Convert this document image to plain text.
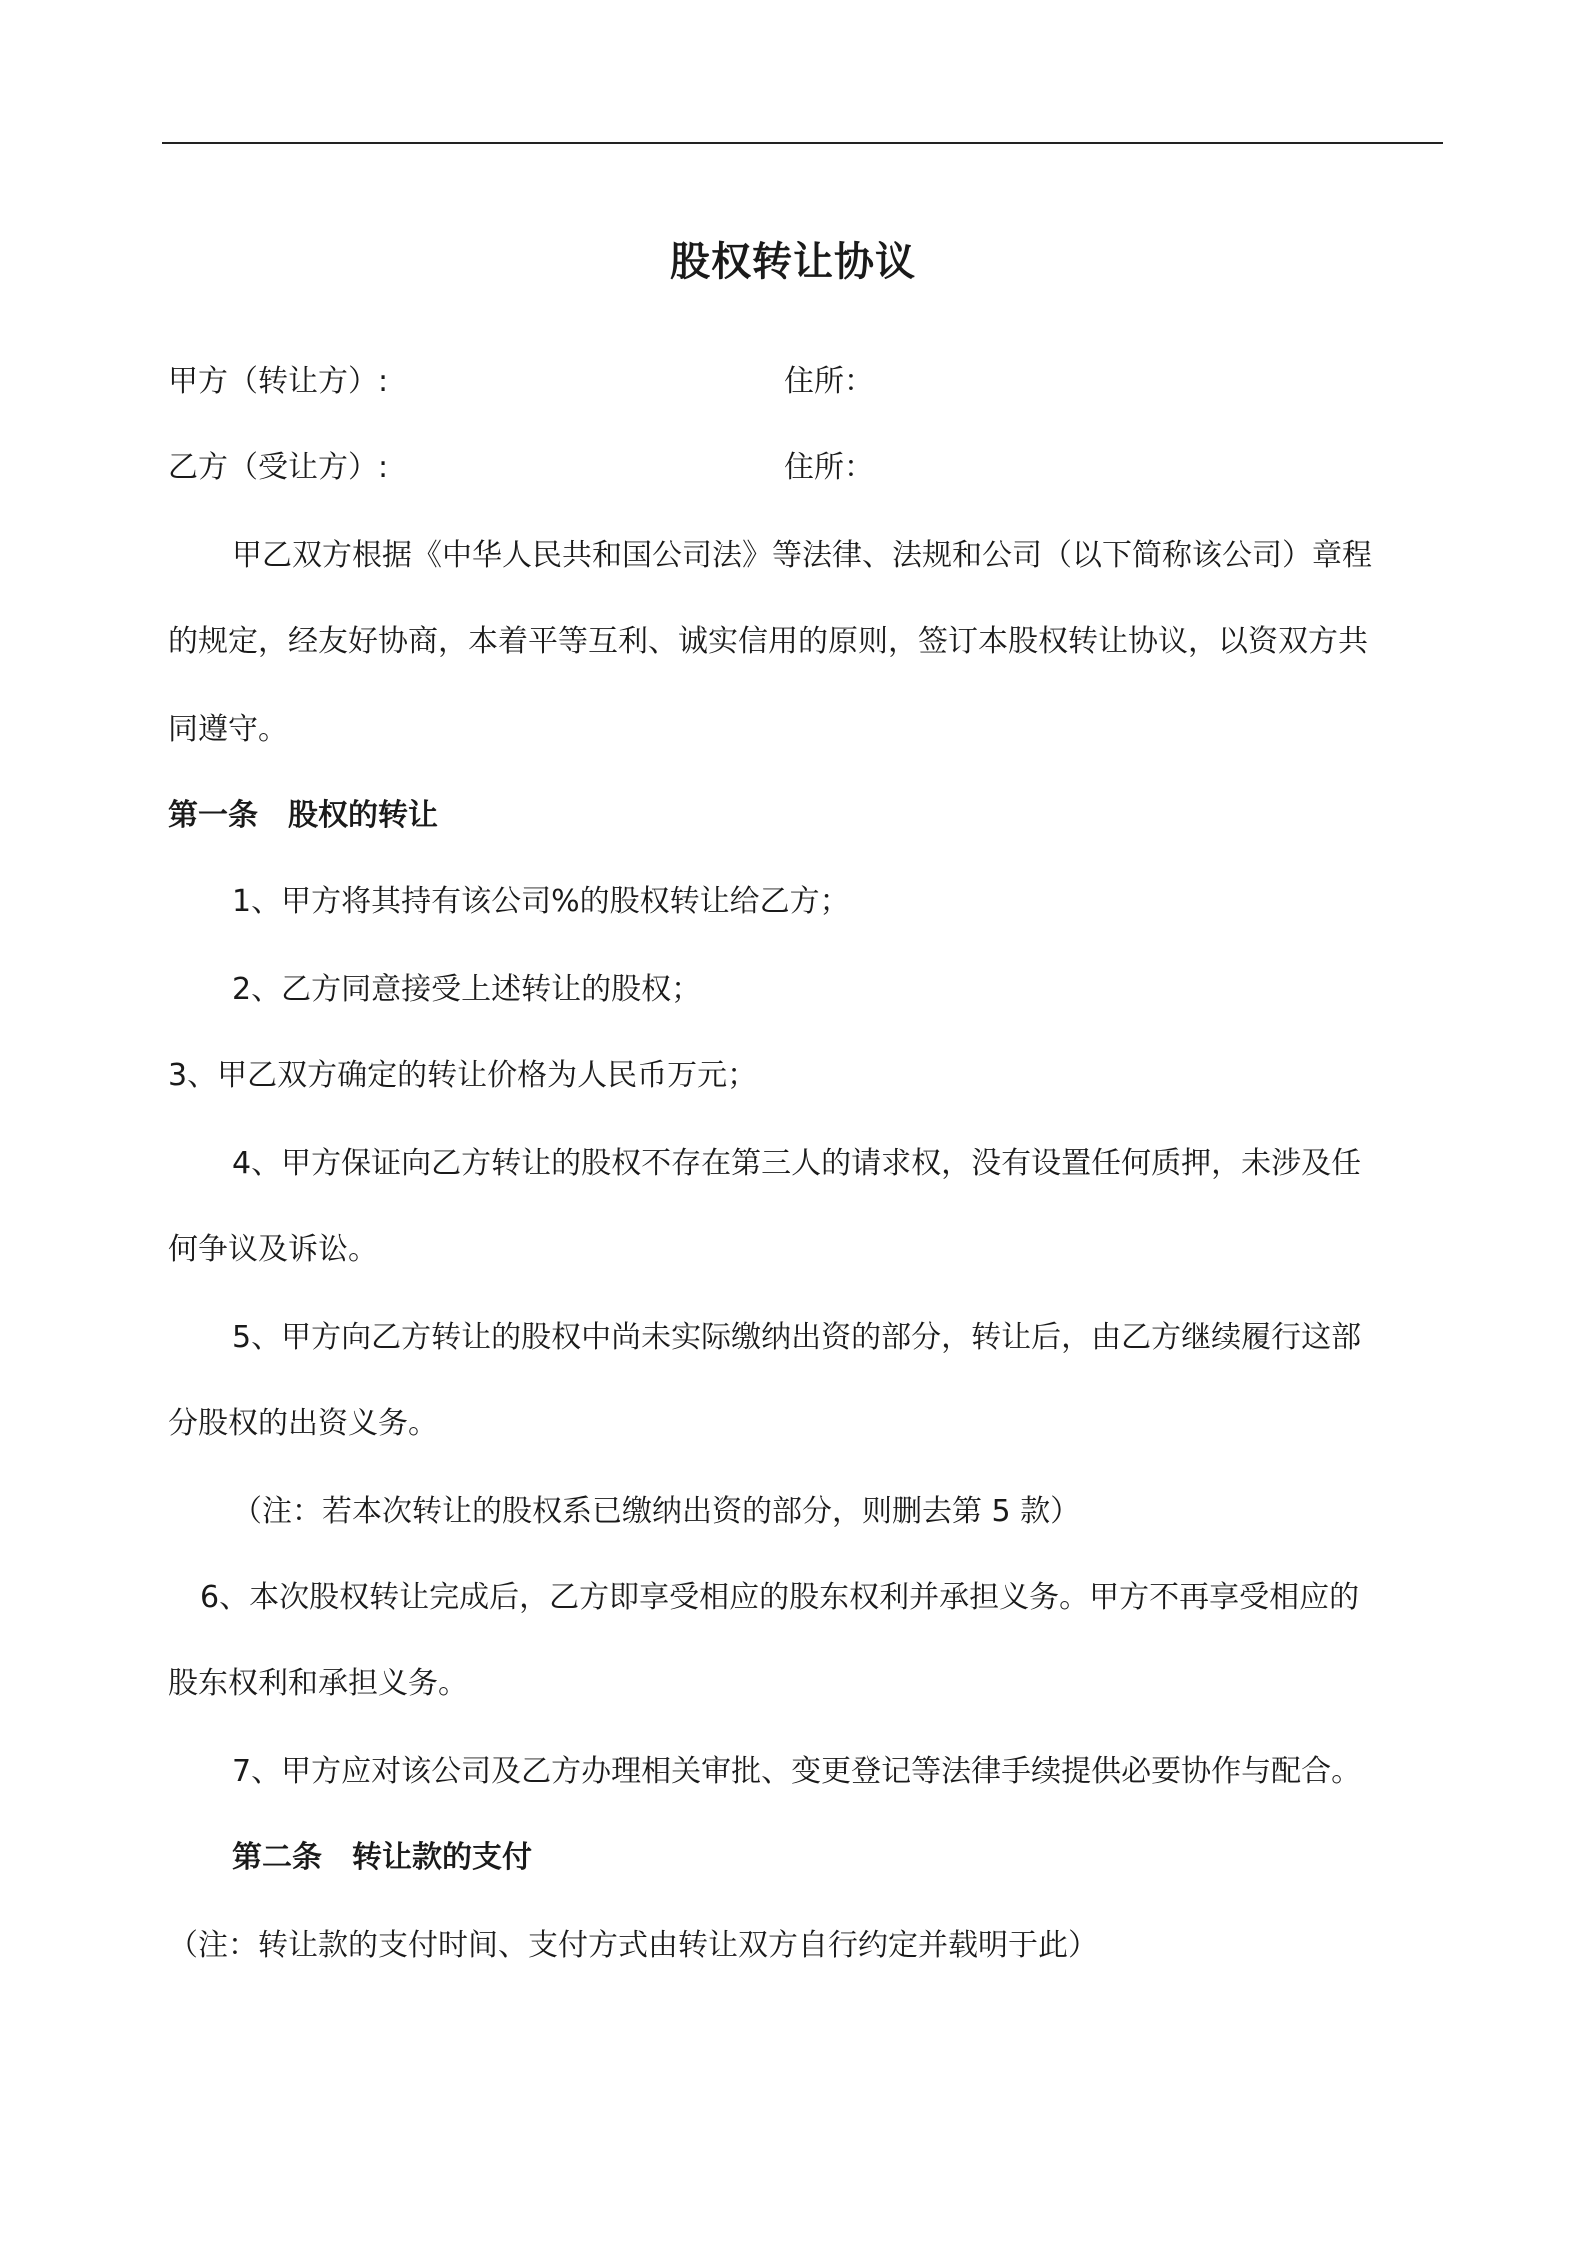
股权转让协议
甲方（转让方）:	住所：
乙方（受让方）:	住所：
甲乙双方根据《中华人民共和国公司法》等法律、法规和公司（以下简称该公司）章程
的规定，经友好协商，本着平等互利、诚实信用的原则，签订本股权转让协议，以资双方共
同遵守。
第一条　股权的转让
1、甲方将其持有该公司%的股权转让给乙方；
2、乙方同意接受上述转让的股权；
3、甲乙双方确定的转让价格为人民币万元；
4、甲方保证向乙方转让的股权不存在第三人的请求权，没有设置任何质押，未涉及任
何争议及诉讼。
5、甲方向乙方转让的股权中尚未实际缴纳出资的部分，转让后，由乙方继续履行这部
分股权的出资义务。
（注：若本次转让的股权系已缴纳出资的部分，则删去第 5 款）
6、本次股权转让完成后，乙方即享受相应的股东权利并承担义务。甲方不再享受相应的
股东权利和承担义务。
7、甲方应对该公司及乙方办理相关审批、变更登记等法律手续提供必要协作与配合。
第二条　转让款的支付
（注：转让款的支付时间、支付方式由转让双方自行约定并载明于此）
